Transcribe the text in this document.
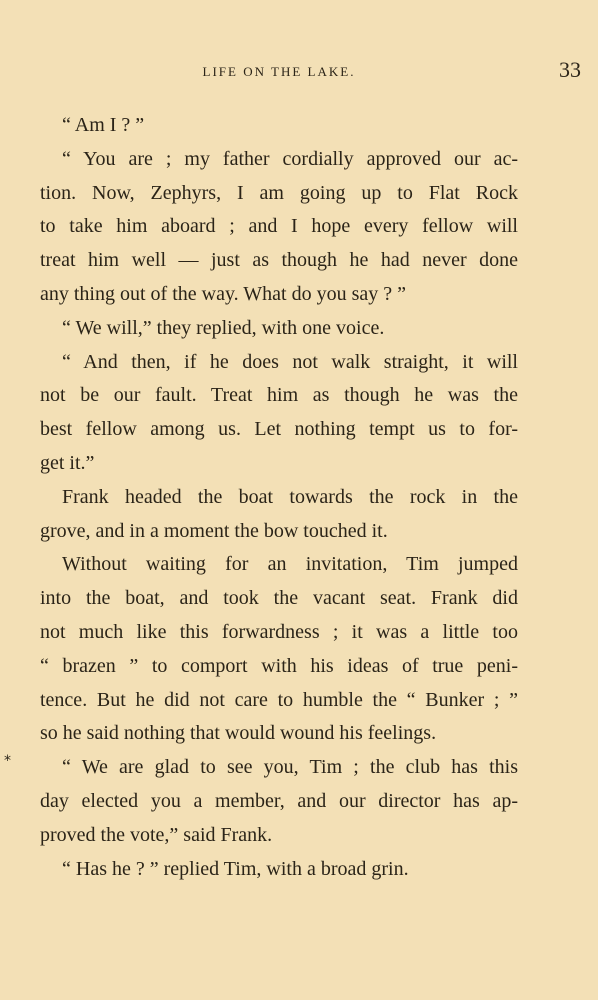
LIFE ON THE LAKE.	33
*
“ Am I ? ”
“ You are ; my father cordially approved our ac-
tion. Now, Zephyrs, I am going up to Flat Rock
to take him aboard ; and I hope every fellow will
treat him well — just as though he had never done
any thing out of the way. What do you say ? ”
“ We will,” they replied, with one voice.
“ And then, if he does not walk straight, it will
not be our fault. Treat him as though he was the
best fellow among us. Let nothing tempt us to for-
get it.”
Frank headed the boat towards the rock in the
grove, and in a moment the bow touched it.
Without waiting for an invitation, Tim jumped
into the boat, and took the vacant seat. Frank did
not much like this forwardness ; it was a little too
“ brazen ” to comport with his ideas of true peni-
tence. But he did not care to humble the “ Bunker ; ”
so he said nothing that would wound his feelings.
“ We are glad to see you, Tim ; the club has this
day elected you a member, and our director has ap-
proved the vote,” said Frank.
“ Has he ? ” replied Tim, with a broad grin.
